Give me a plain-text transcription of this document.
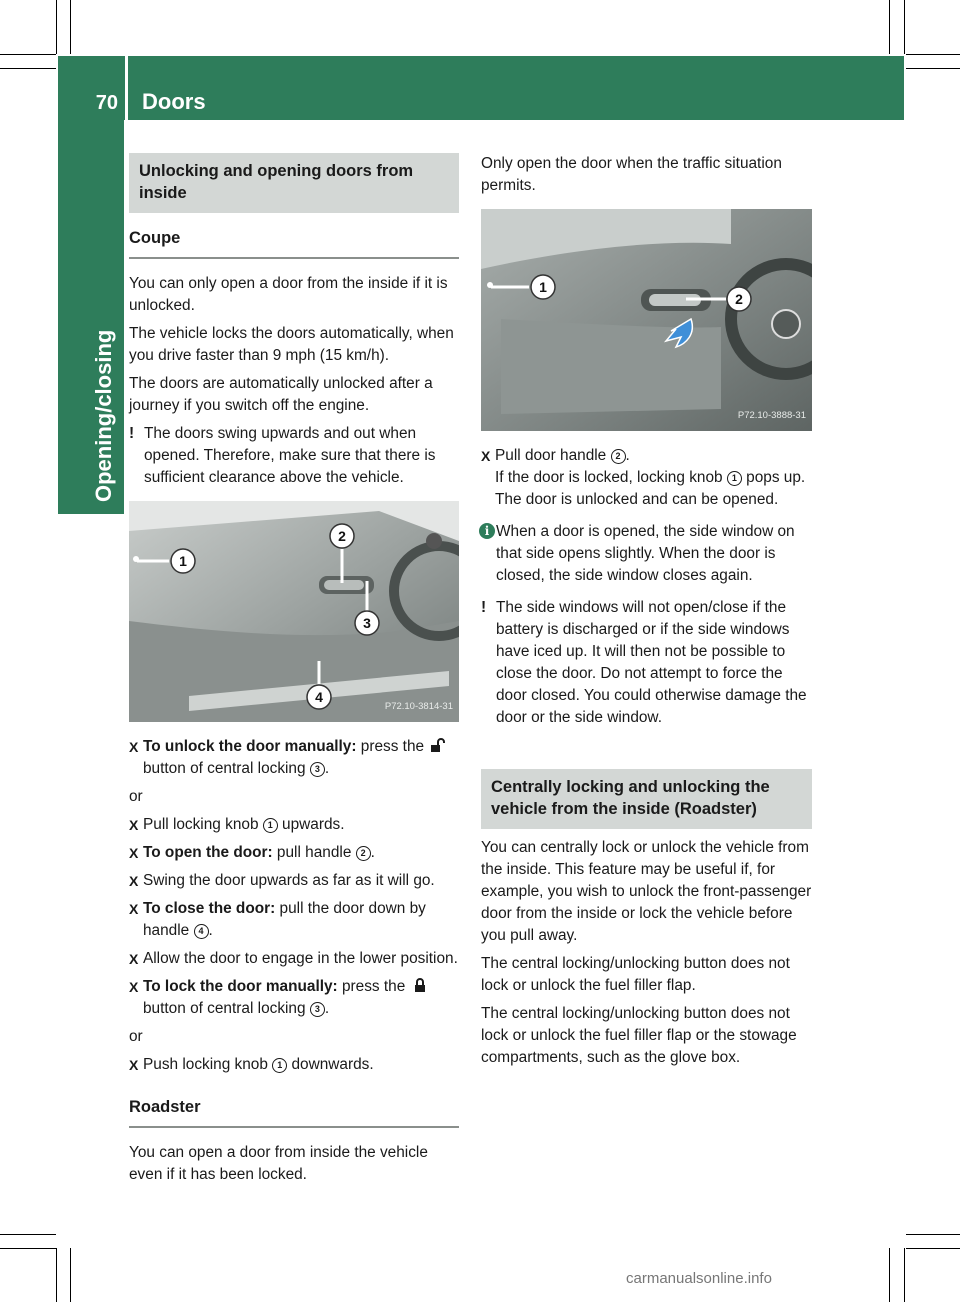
70 Doors
Opening/closing
Unlocking and opening doors from inside
Coupe

You can only open a door from the inside if it is unlocked.

The vehicle locks the doors automatically, when you drive faster than 9 mph (15 km/h).

The doors are automatically unlocked after a journey if you switch off the engine.

! The doors swing upwards and out when opened. Therefore, make sure that there is sufficient clearance above the vehicle.
1
2
3
4
P72.10-3814-31
X To unlock the door manually: press the  button of central locking 3 .
or
X Pull locking knob 1 upwards.
X To open the door: pull handle 2 .
X Swing the door upwards as far as it will go.
X To close the door: pull the door down by handle 4 .
X Allow the door to engage in the lower position.
X To lock the door manually: press the  button of central locking 3 .
or
X Push locking knob 1 downwards.
Roadster

You can open a door from inside the vehicle even if it has been locked.

Only open the door when the traffic situation permits.

1
2
P72.10-3888-31
X Pull door handle 2 .
If the door is locked, locking knob 1 pops up. The door is unlocked and can be opened.
i When a door is opened, the side window on that side opens slightly. When the door is closed, the side window closes again.
! The side windows will not open/close if the battery is discharged or if the side windows have iced up. It will then not be possible to close the door. Do not attempt to force the door closed. You could otherwise damage the door or the side window.
Centrally locking and unlocking the vehicle from the inside (Roadster)

You can centrally lock or unlock the vehicle from the inside. This feature may be useful if, for example, you wish to unlock the front-passenger door from the inside or lock the vehicle before you pull away.

The central locking/unlocking button does not lock or unlock the fuel filler flap.

The central locking/unlocking button does not lock or unlock the fuel filler flap or the stowage compartments, such as the glove box.

carmanualsonline.info
